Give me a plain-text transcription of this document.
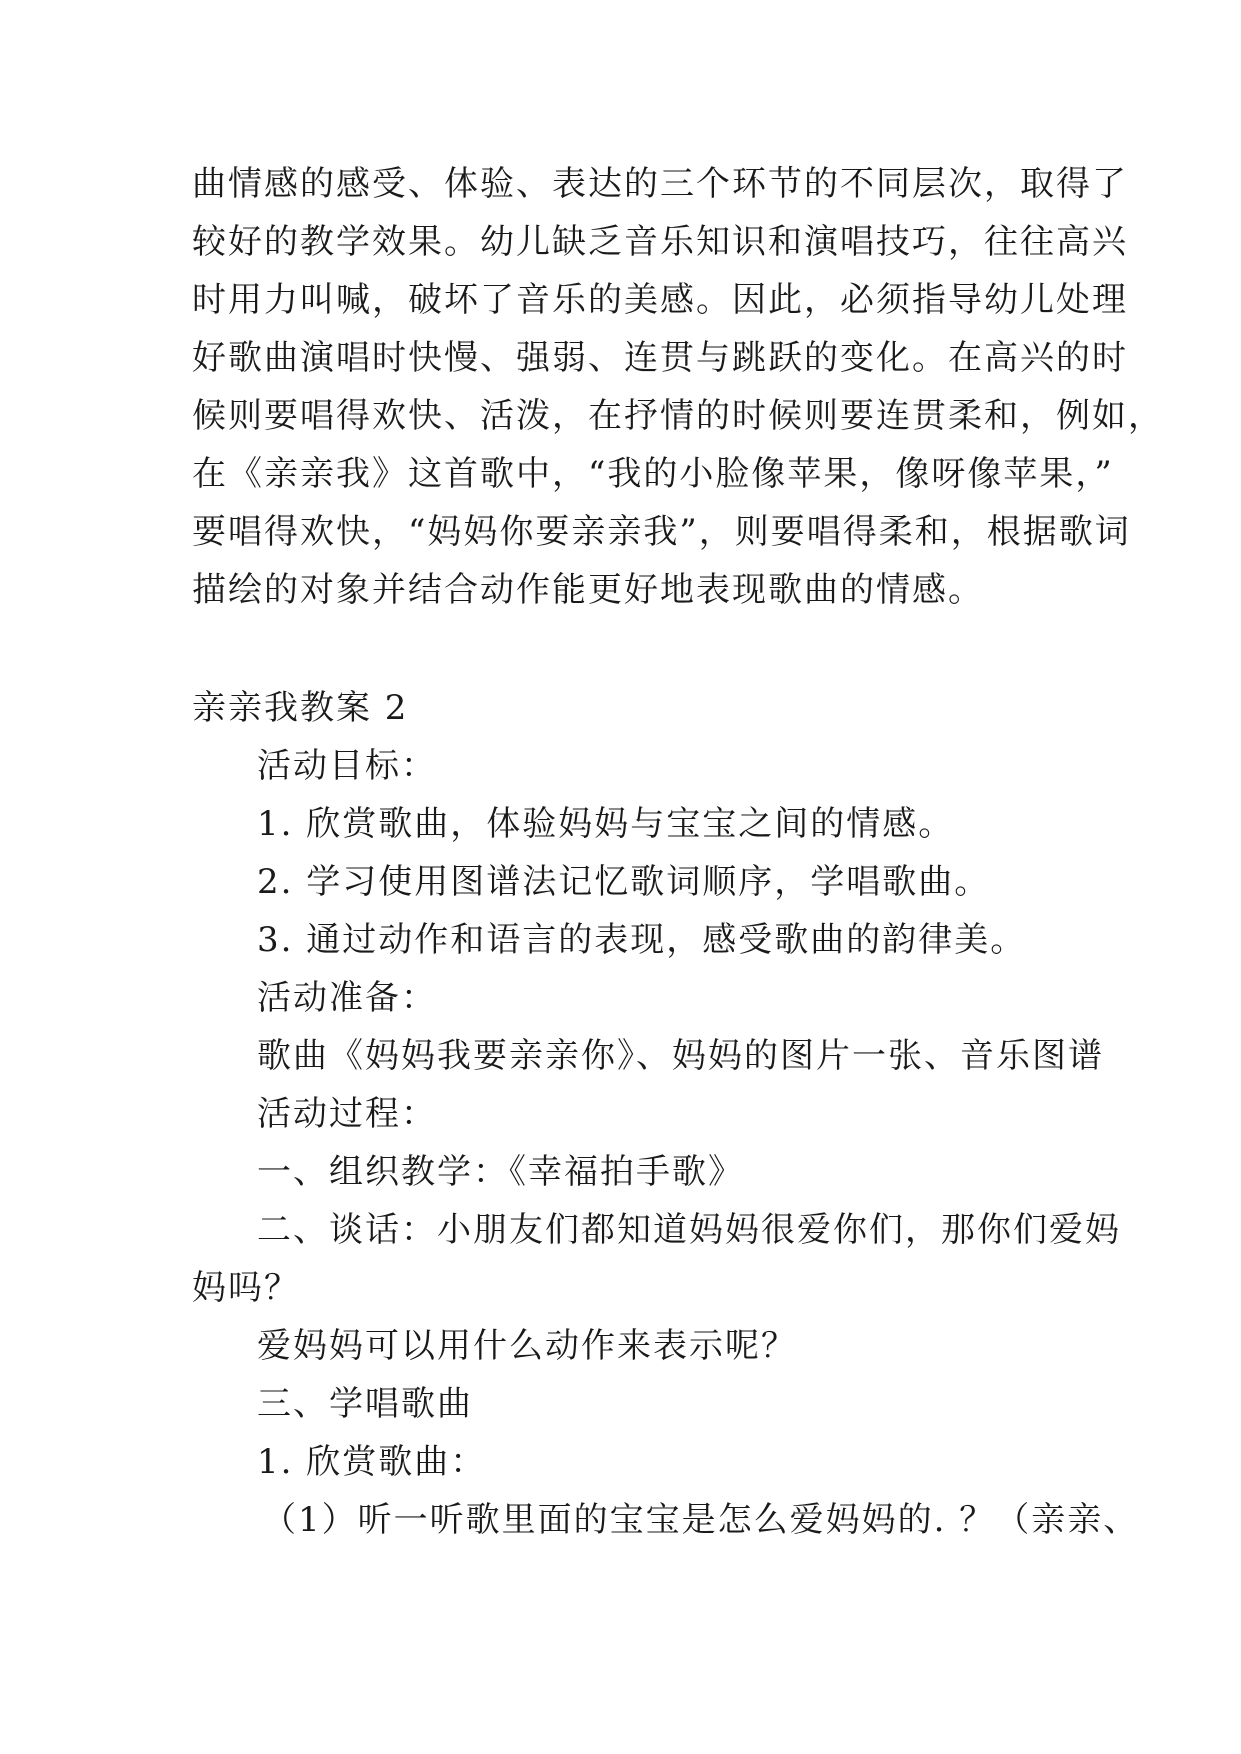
曲情感的感受、体验、表达的三个环节的不同层次，取得了
较好的教学效果。幼儿缺乏音乐知识和演唱技巧，往往高兴
时用力叫喊，破坏了音乐的美感。因此，必须指导幼儿处理
好歌曲演唱时快慢、强弱、连贯与跳跃的变化。在高兴的时
候则要唱得欢快、活泼，在抒情的时候则要连贯柔和，例如，
在《亲亲我》这首歌中，“我的小脸像苹果，像呀像苹果，”
要唱得欢快，“妈妈你要亲亲我”，则要唱得柔和，根据歌词
描绘的对象并结合动作能更好地表现歌曲的情感。
亲亲我教案 2
活动目标：
1. 欣赏歌曲，体验妈妈与宝宝之间的情感。
2. 学习使用图谱法记忆歌词顺序，学唱歌曲。
3. 通过动作和语言的表现，感受歌曲的韵律美。
活动准备：
歌曲《妈妈我要亲亲你》、妈妈的图片一张、音乐图谱
活动过程：
一、组织教学：《幸福拍手歌》
二、谈话：小朋友们都知道妈妈很爱你们，那你们爱妈
妈吗？
爱妈妈可以用什么动作来表示呢？
三、学唱歌曲
1. 欣赏歌曲：
（1）听一听歌里面的宝宝是怎么爱妈妈的. ？（亲亲、
